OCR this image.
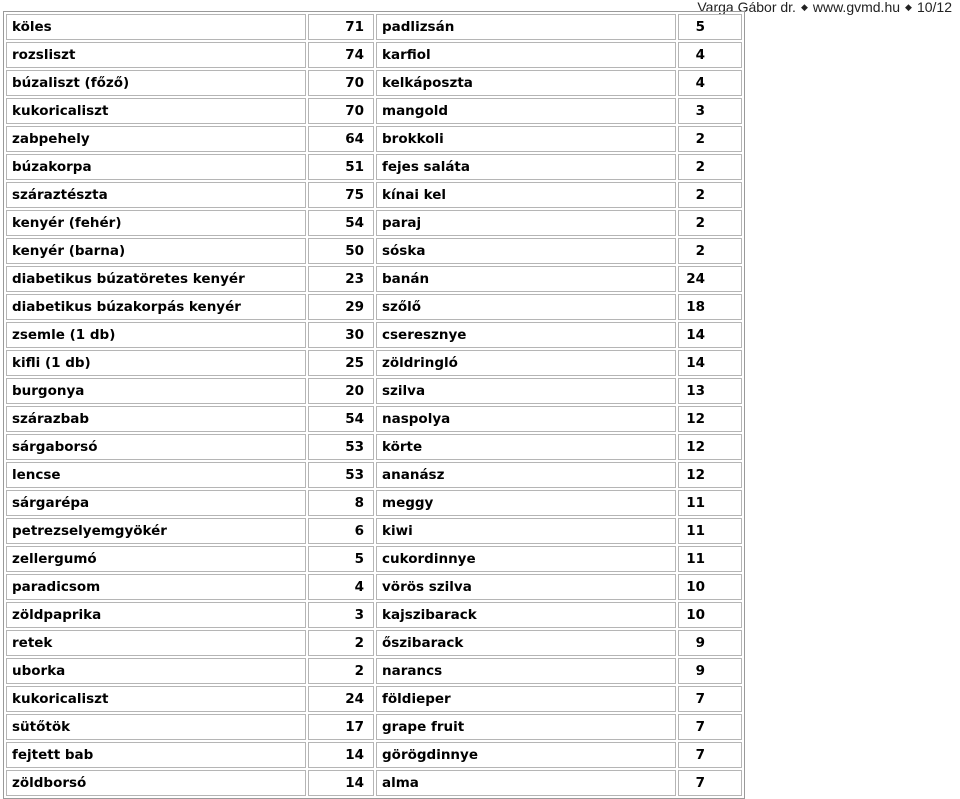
Varga Gábor dr. ◆ www.gvmd.hu ◆ 10/12
köles	71	padlizsán	5
rozsliszt	74	karfiol	4
búzaliszt (főző)	70	kelkáposzta	4
kukoricaliszt	70	mangold	3
zabpehely	64	brokkoli	2
búzakorpa	51	fejes saláta	2
száraztészta	75	kínai kel	2
kenyér (fehér)	54	paraj	2
kenyér (barna)	50	sóska	2
diabetikus búzatöretes kenyér	23	banán	24
diabetikus búzakorpás kenyér	29	szőlő	18
zsemle (1 db)	30	cseresznye	14
kifli (1 db)	25	zöldringló	14
burgonya	20	szilva	13
szárazbab	54	naspolya	12
sárgaborsó	53	körte	12
lencse	53	ananász	12
sárgarépa	8	meggy	11
petrezselyemgyökér	6	kiwi	11
zellergumó	5	cukordinnye	11
paradicsom	4	vörös szilva	10
zöldpaprika	3	kajszibarack	10
retek	2	őszibarack	9
uborka	2	narancs	9
kukoricaliszt	24	földieper	7
sütőtök	17	grape fruit	7
fejtett bab	14	görögdinnye	7
zöldborsó	14	alma	7
